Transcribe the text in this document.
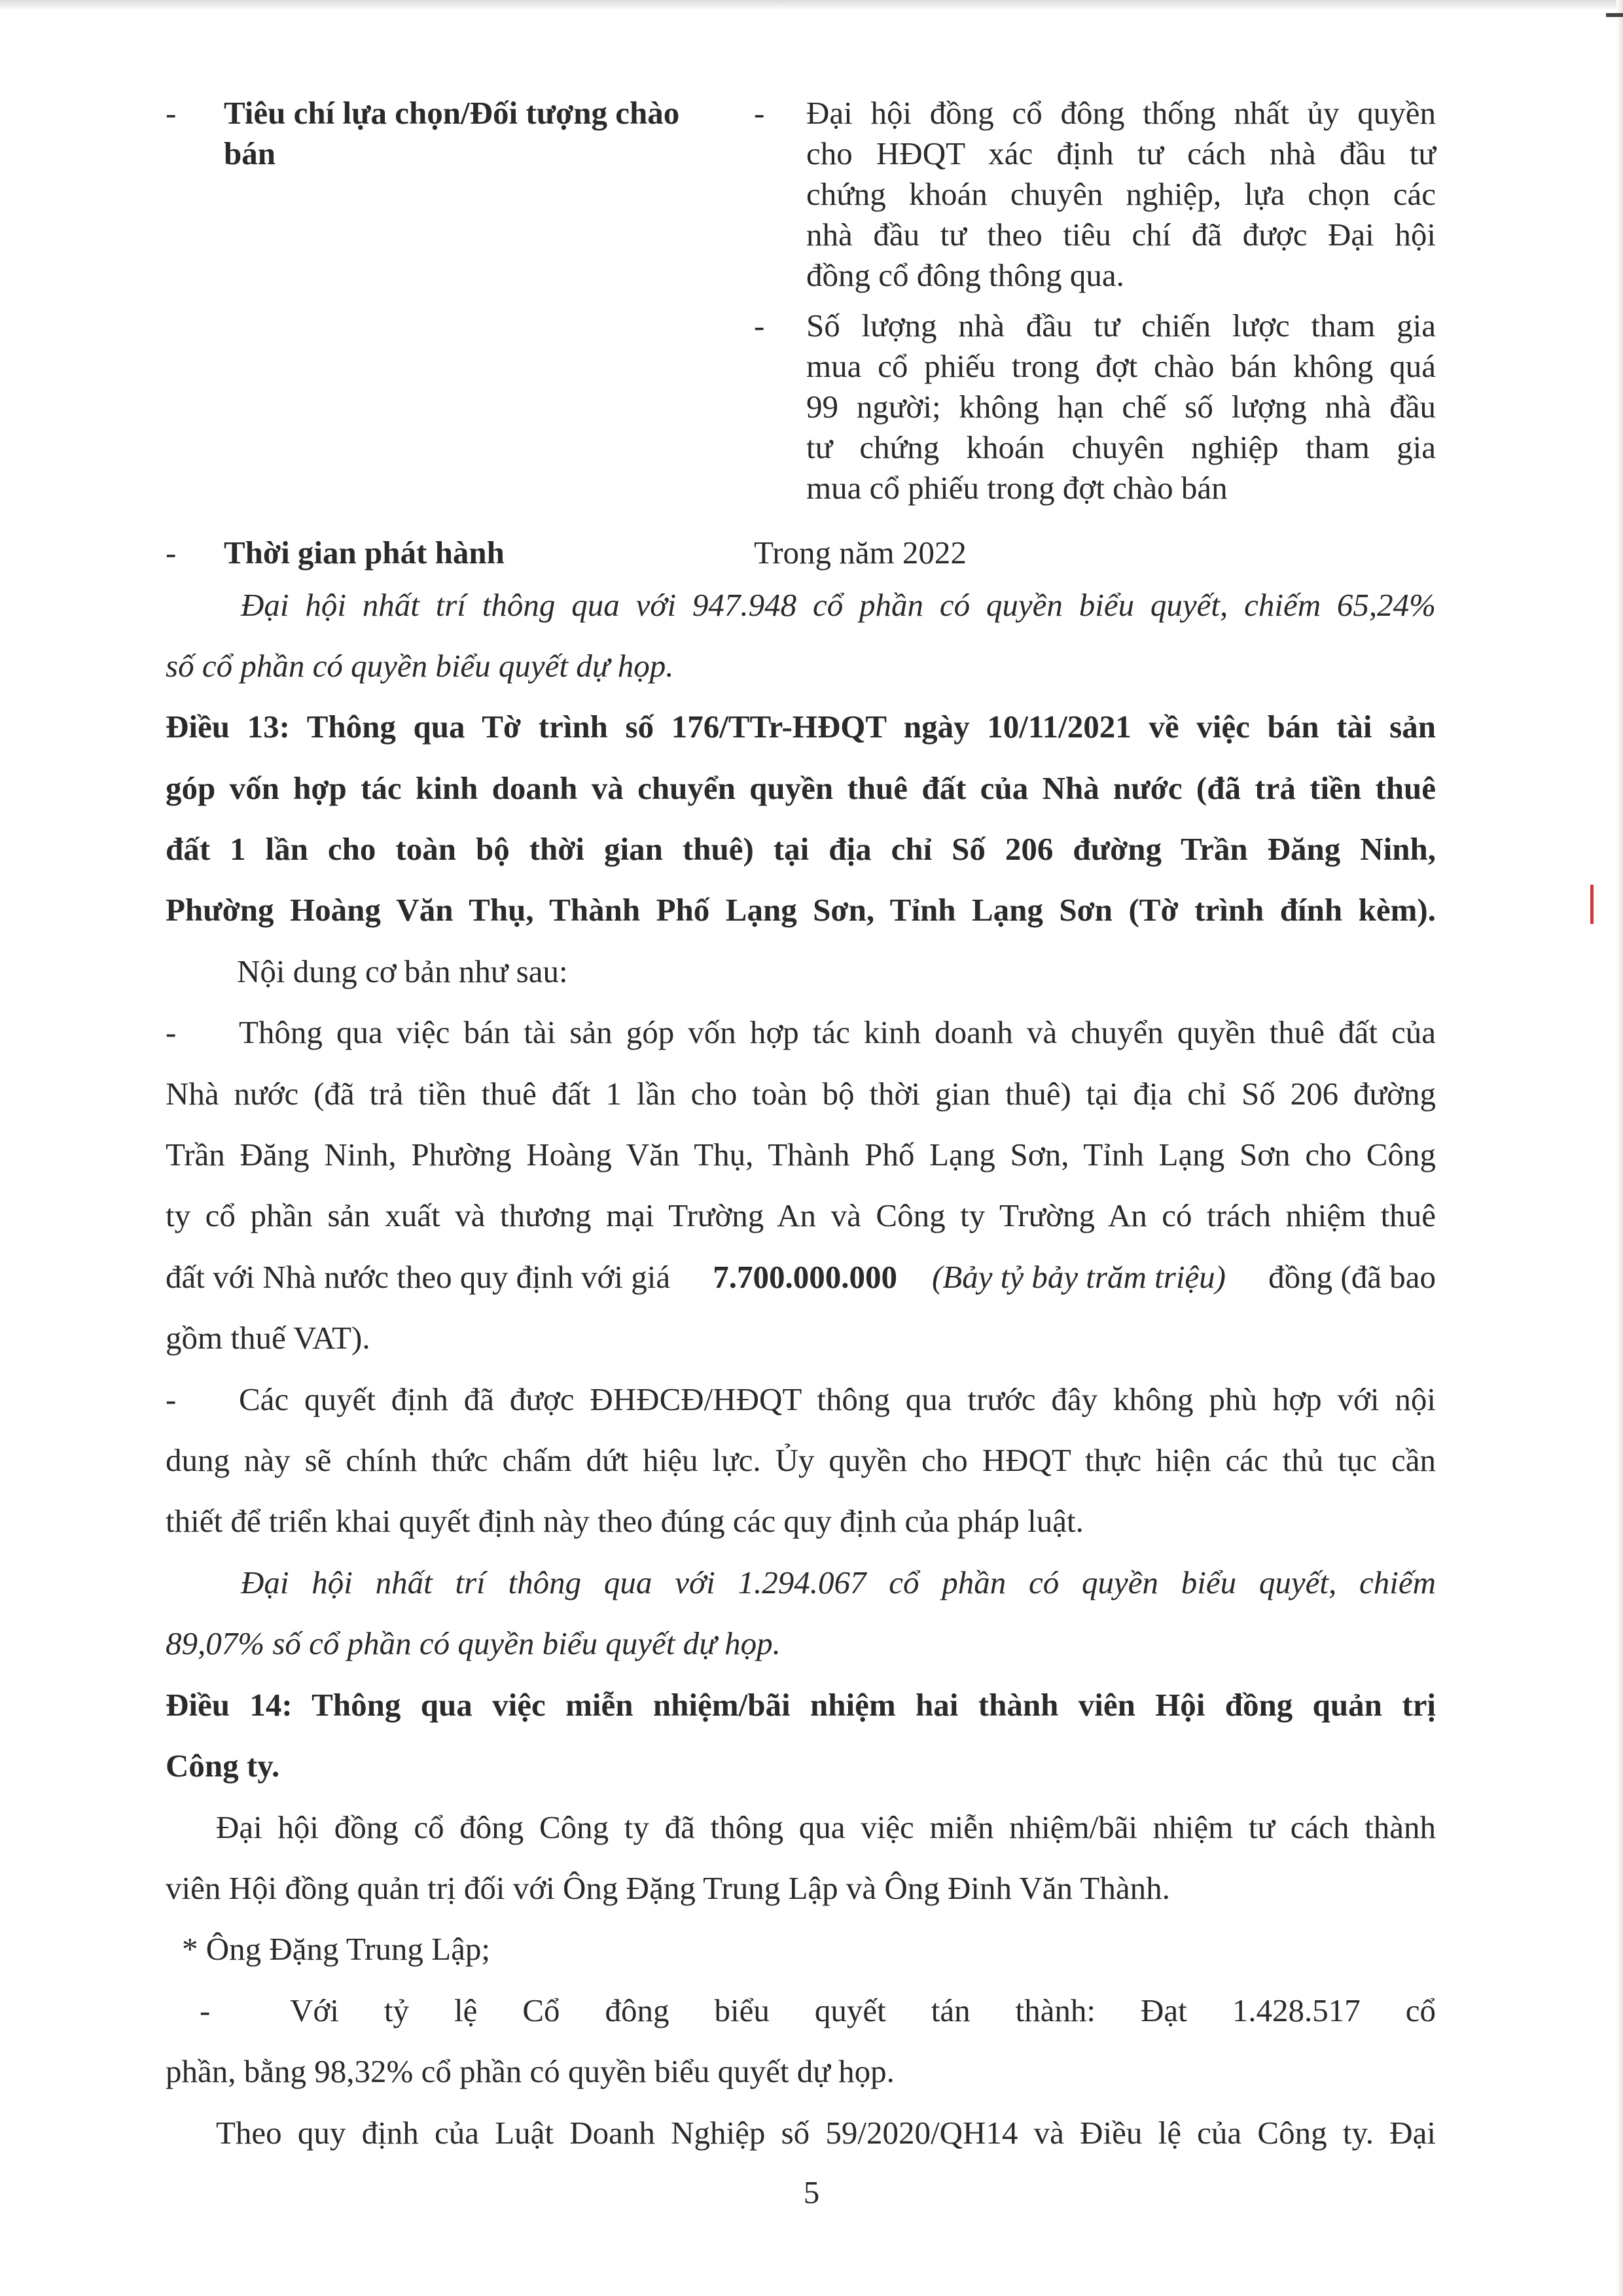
- Tiêu chí lựa chọn/Đối tượng chào
bán
- Đại hội đồng cổ đông thống nhất ủy quyền
cho HĐQT xác định tư cách nhà đầu tư
chứng khoán chuyên nghiệp, lựa chọn các
nhà đầu tư theo tiêu chí đã được Đại hội
đồng cổ đông thông qua.
- Số lượng nhà đầu tư chiến lược tham gia
mua cổ phiếu trong đợt chào bán không quá
99 người; không hạn chế số lượng nhà đầu
tư chứng khoán chuyên nghiệp tham gia
mua cổ phiếu trong đợt chào bán
- Thời gian phát hành	Trong năm 2022
Đại hội nhất trí thông qua với 947.948 cổ phần có quyền biểu quyết, chiếm 65,24%
số cổ phần có quyền biểu quyết dự họp.
Điều 13: Thông qua Tờ trình số 176/TTr-HĐQT ngày 10/11/2021 về việc bán tài sản
góp vốn hợp tác kinh doanh và chuyển quyền thuê đất của Nhà nước (đã trả tiền thuê
đất 1 lần cho toàn bộ thời gian thuê) tại địa chỉ Số 206 đường Trần Đăng Ninh,
Phường Hoàng Văn Thụ, Thành Phố Lạng Sơn, Tỉnh Lạng Sơn (Tờ trình đính kèm).
Nội dung cơ bản như sau:
- Thông qua việc bán tài sản góp vốn hợp tác kinh doanh và chuyển quyền thuê đất của
Nhà nước (đã trả tiền thuê đất 1 lần cho toàn bộ thời gian thuê) tại địa chỉ Số 206 đường
Trần Đăng Ninh, Phường Hoàng Văn Thụ, Thành Phố Lạng Sơn, Tỉnh Lạng Sơn cho Công
ty cổ phần sản xuất và thương mại Trường An và Công ty Trường An có trách nhiệm thuê
đất với Nhà nước theo quy định với giá 7.700.000.000 (Bảy tỷ bảy trăm triệu) đồng (đã bao
gồm thuế VAT).
- Các quyết định đã được ĐHĐCĐ/HĐQT thông qua trước đây không phù hợp với nội
dung này sẽ chính thức chấm dứt hiệu lực. Ủy quyền cho HĐQT thực hiện các thủ tục cần
thiết để triển khai quyết định này theo đúng các quy định của pháp luật.
Đại hội nhất trí thông qua với 1.294.067 cổ phần có quyền biểu quyết, chiếm
89,07% số cổ phần có quyền biểu quyết dự họp.
Điều 14: Thông qua việc miễn nhiệm/bãi nhiệm hai thành viên Hội đồng quản trị
Công ty.
Đại hội đồng cổ đông Công ty đã thông qua việc miễn nhiệm/bãi nhiệm tư cách thành
viên Hội đồng quản trị đối với Ông Đặng Trung Lập và Ông Đinh Văn Thành.
* Ông Đặng Trung Lập;
- Với tỷ lệ Cổ đông biểu quyết tán thành: Đạt 1.428.517 cổ
phần, bằng 98,32% cổ phần có quyền biểu quyết dự họp.
Theo quy định của Luật Doanh Nghiệp số 59/2020/QH14 và Điều lệ của Công ty. Đại
5
